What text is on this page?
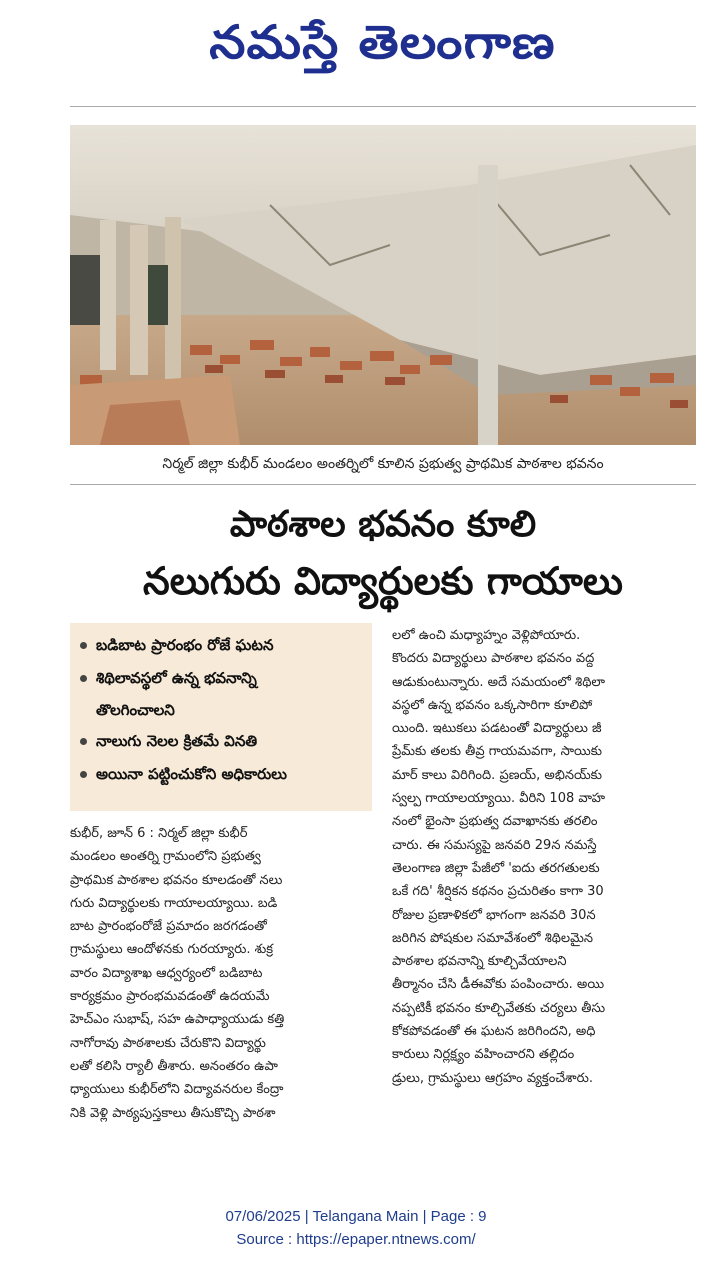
నమస్తే తెలంగాణ
నిర్మల్ జిల్లా కుభీర్ మండలం అంతర్నిలో కూలిన ప్రభుత్వ ప్రాథమిక పాఠశాల భవనం
పాఠశాల భవనం కూలి
నలుగురు విద్యార్థులకు గాయాలు
బడిబాట ప్రారంభం రోజే ఘటన
శిథిలావస్థలో ఉన్న భవనాన్ని
తొలగించాలని
నాలుగు నెలల క్రితమే వినతి
అయినా పట్టించుకోని అధికారులు
కుభీర్, జూన్ 6 : నిర్మల్ జిల్లా కుభీర్
మండలం అంతర్ని గ్రామంలోని ప్రభుత్వ
ప్రాథమిక పాఠశాల భవనం కూలడంతో నలు
గురు విద్యార్థులకు గాయాలయ్యాయి. బడి
బాట ప్రారంభంరోజే ప్రమాదం జరగడంతో
గ్రామస్థులు ఆందోళనకు గురయ్యారు. శుక్ర
వారం విద్యాశాఖ ఆధ్వర్యంలో బడిబాట
కార్యక్రమం ప్రారంభమవడంతో ఉదయమే
హెచ్‌ఎం సుభాష్, సహ ఉపాధ్యాయుడు కత్తి
నాగోరావు పాఠశాలకు చేరుకొని విద్యార్థు
లతో కలిసి ర్యాలీ తీశారు. అనంతరం ఉపా
ధ్యాయులు కుభీర్‌లోని విద్యావనరుల కేంద్రా
నికి వెళ్లి పాఠ్యపుస్తకాలు తీసుకొచ్చి పాఠశా
లలో ఉంచి మధ్యాహ్నం వెళ్లిపోయారు.
కొందరు విద్యార్థులు పాఠశాల భవనం వద్ద
ఆడుకుంటున్నారు. అదే సమయంలో శిథిలా
వస్థలో ఉన్న భవనం ఒక్కసారిగా కూలిపో
యింది. ఇటుకలు పడటంతో విద్యార్థులు జీ
ప్రేమ్‌కు తలకు తీవ్ర గాయమవగా, సాయికు
మార్ కాలు విరిగింది. ప్రణయ్, అభినయ్‌కు
స్వల్ప గాయాలయ్యాయి. వీరిని 108 వాహ
నంలో భైంసా ప్రభుత్వ దవాఖానకు తరలిం
చారు. ఈ సమస్యపై జనవరి 29న నమస్తే
తెలంగాణ జిల్లా పేజీలో 'ఐదు తరగతులకు
ఒకే గది' శీర్షికన కథనం ప్రచురితం కాగా 30
రోజుల ప్రణాళికలో భాగంగా జనవరి 30న
జరిగిన పోషకుల సమావేశంలో శిథిలమైన
పాఠశాల భవనాన్ని కూల్చివేయాలని
తీర్మానం చేసి డీఈవోకు పంపించారు. అయి
నప్పటికీ భవనం కూల్చివేతకు చర్యలు తీసు
కోకపోవడంతో ఈ ఘటన జరిగిందని, అధి
కారులు నిర్లక్ష్యం వహించారని తల్లిదం
డ్రులు, గ్రామస్థులు ఆగ్రహం వ్యక్తంచేశారు.
07/06/2025 | Telangana Main | Page : 9
Source : https://epaper.ntnews.com/
